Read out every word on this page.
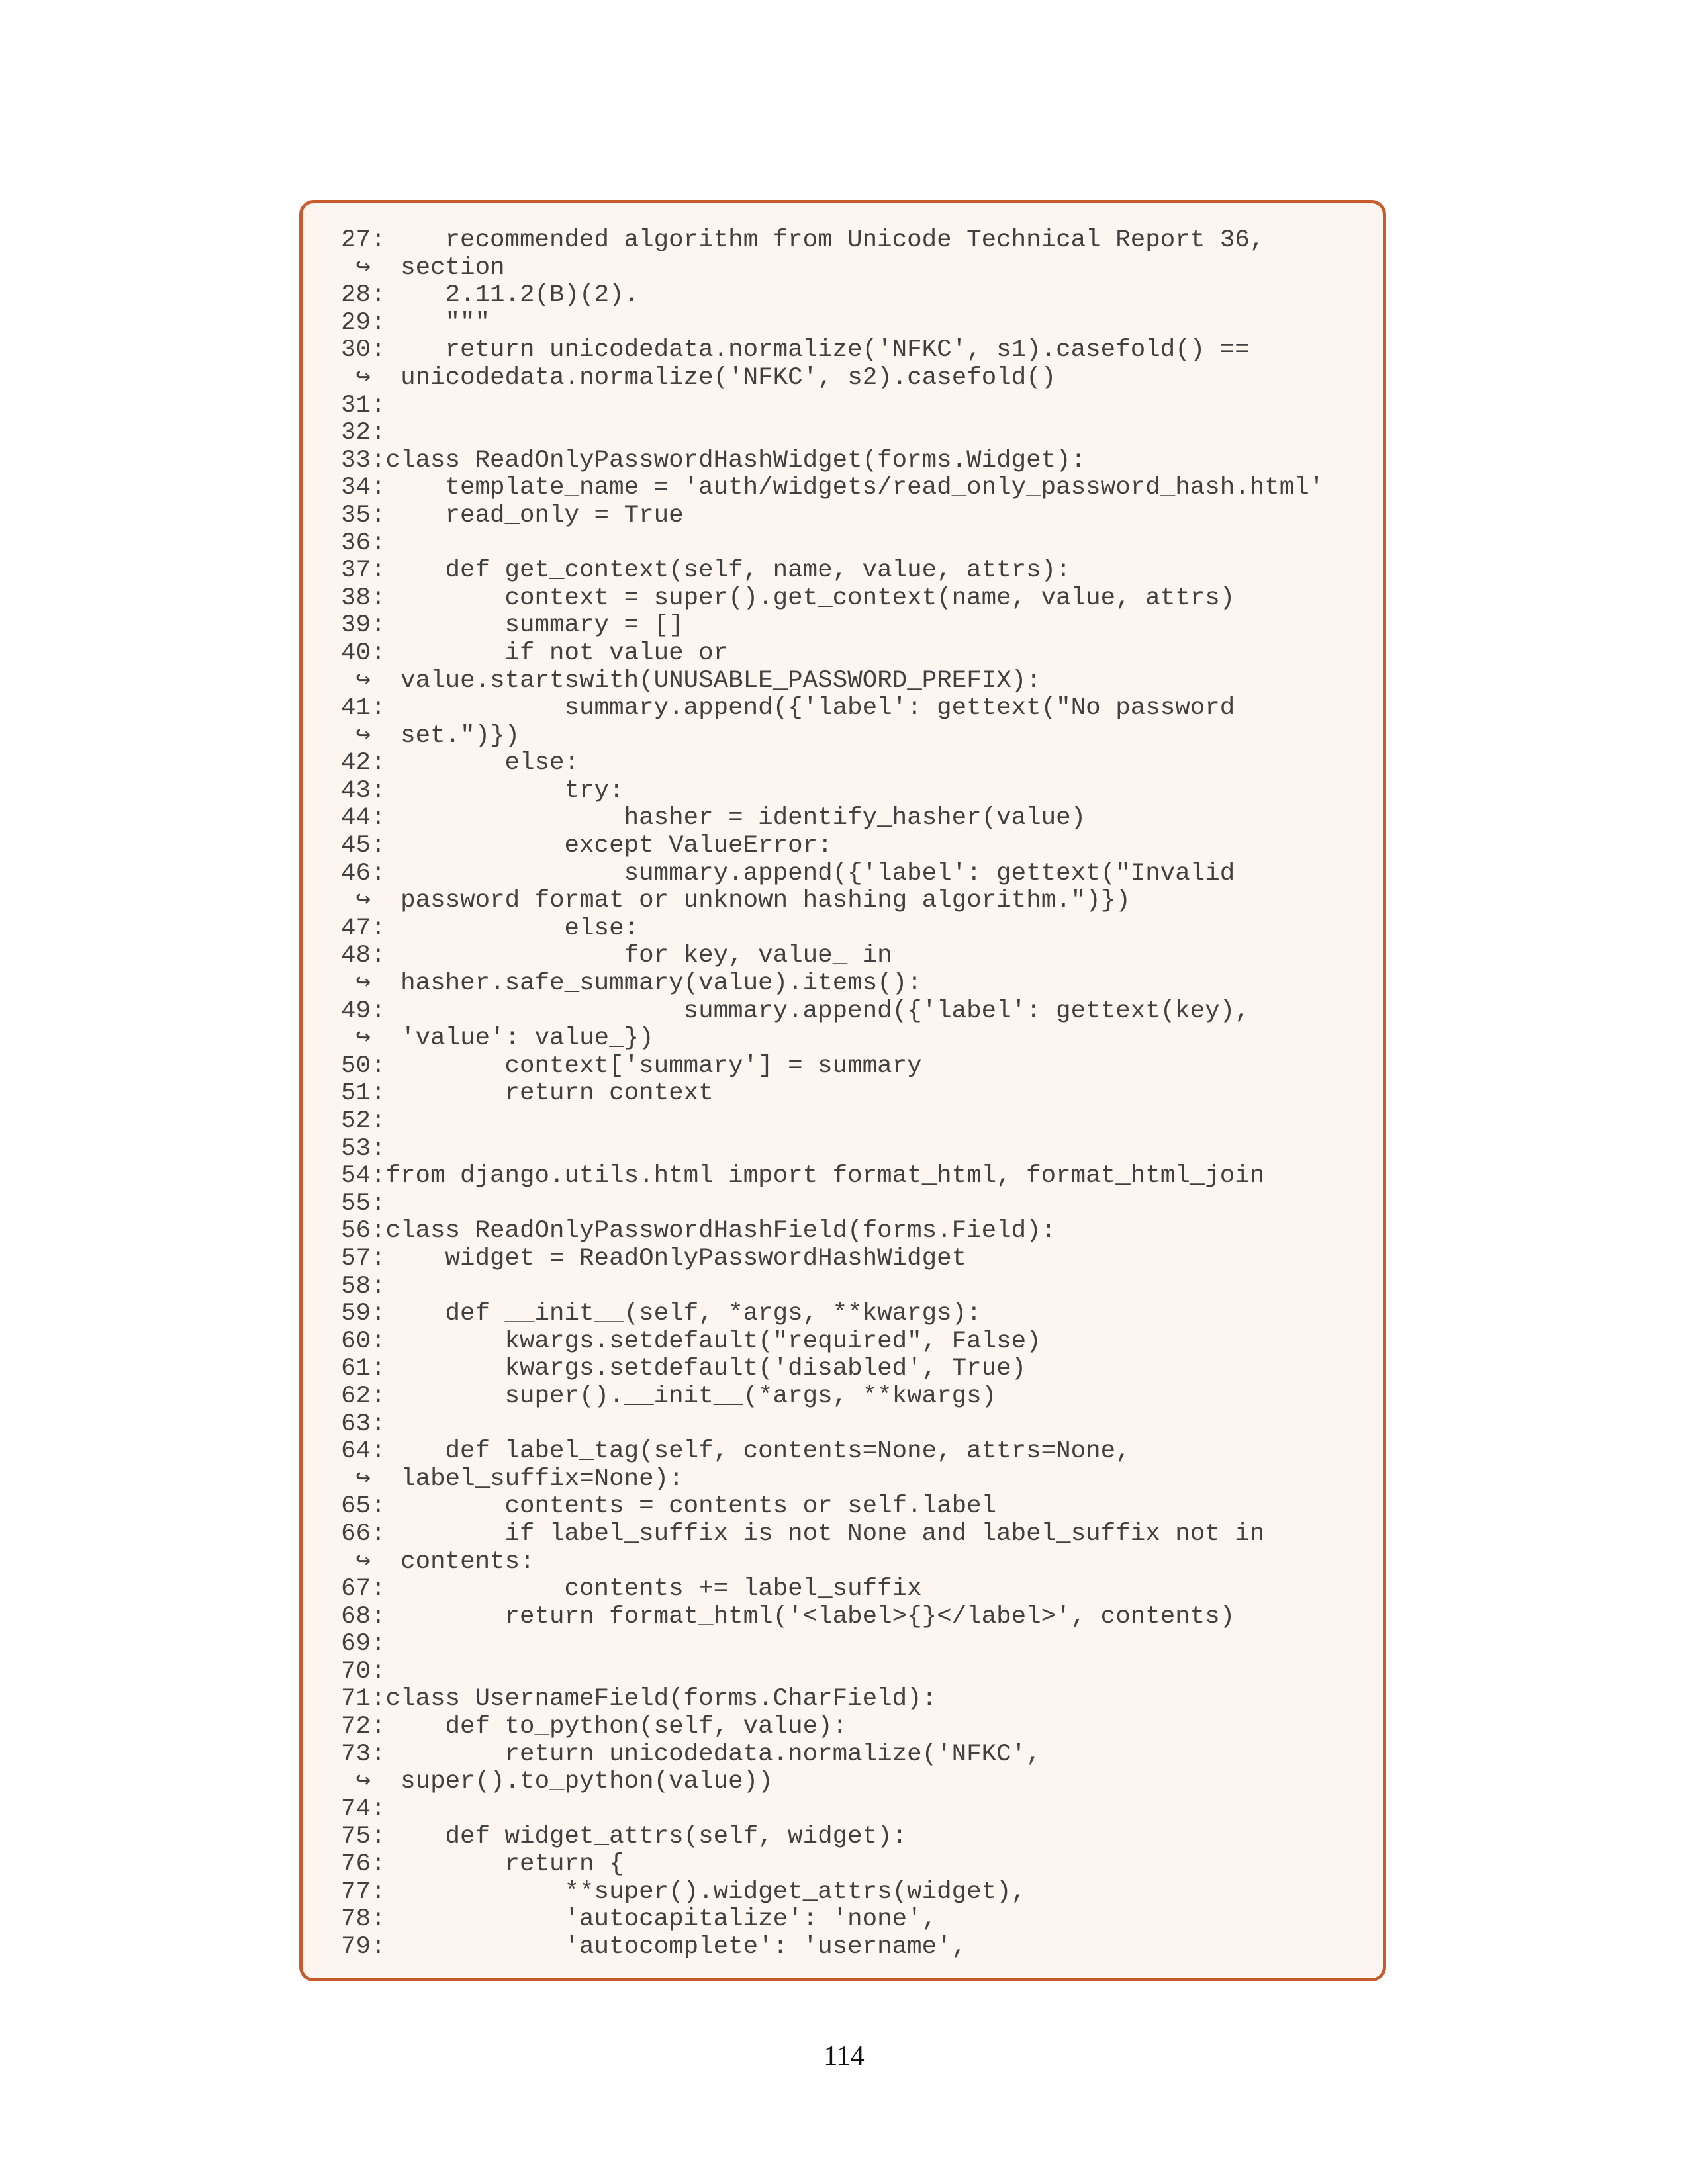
27:    recommended algorithm from Unicode Technical Report 36,
↪  section
28:    2.11.2(B)(2).
29:    """
30:    return unicodedata.normalize('NFKC', s1).casefold() ==
↪  unicodedata.normalize('NFKC', s2).casefold()
31:
32:
33:class ReadOnlyPasswordHashWidget(forms.Widget):
34:    template_name = 'auth/widgets/read_only_password_hash.html'
35:    read_only = True
36:
37:    def get_context(self, name, value, attrs):
38:        context = super().get_context(name, value, attrs)
39:        summary = []
40:        if not value or
↪  value.startswith(UNUSABLE_PASSWORD_PREFIX):
41:            summary.append({'label': gettext("No password
↪  set.")})
42:        else:
43:            try:
44:                hasher = identify_hasher(value)
45:            except ValueError:
46:                summary.append({'label': gettext("Invalid
↪  password format or unknown hashing algorithm.")})
47:            else:
48:                for key, value_ in
↪  hasher.safe_summary(value).items():
49:                    summary.append({'label': gettext(key),
↪  'value': value_})
50:        context['summary'] = summary
51:        return context
52:
53:
54:from django.utils.html import format_html, format_html_join
55:
56:class ReadOnlyPasswordHashField(forms.Field):
57:    widget = ReadOnlyPasswordHashWidget
58:
59:    def __init__(self, *args, **kwargs):
60:        kwargs.setdefault("required", False)
61:        kwargs.setdefault('disabled', True)
62:        super().__init__(*args, **kwargs)
63:
64:    def label_tag(self, contents=None, attrs=None,
↪  label_suffix=None):
65:        contents = contents or self.label
66:        if label_suffix is not None and label_suffix not in
↪  contents:
67:            contents += label_suffix
68:        return format_html('<label>{}</label>', contents)
69:
70:
71:class UsernameField(forms.CharField):
72:    def to_python(self, value):
73:        return unicodedata.normalize('NFKC',
↪  super().to_python(value))
74:
75:    def widget_attrs(self, widget):
76:        return {
77:            **super().widget_attrs(widget),
78:            'autocapitalize': 'none',
79:            'autocomplete': 'username',
114
